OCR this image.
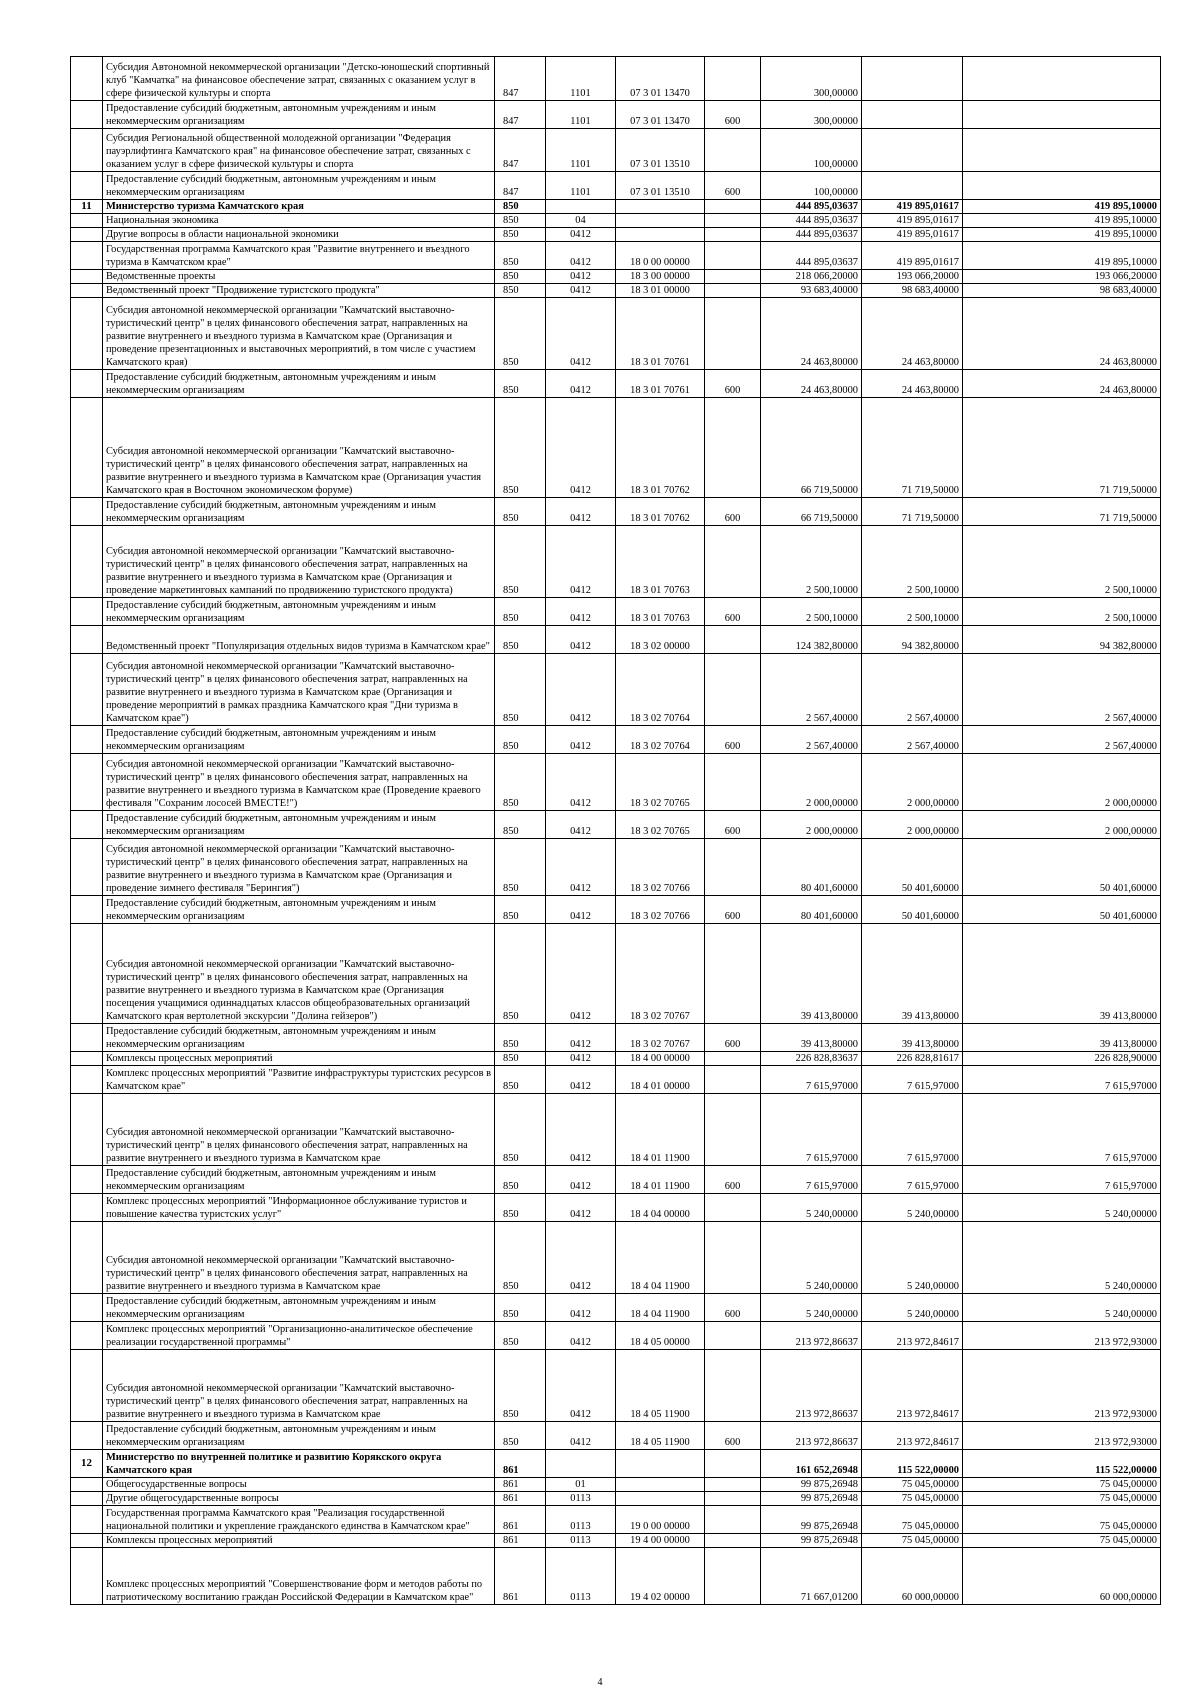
	Субсидия Автономной некоммерческой организации "Детско-юношеский спортивный клуб "Камчатка" на финансовое обеспечение затрат, связанных с оказанием услуг в сфере физической культуры и спорта	847	1101	07 3 01 13470		300,00000		
	Предоставление субсидий бюджетным, автономным учреждениям и иным некоммерческим организациям	847	1101	07 3 01 13470	600	300,00000		
	Субсидия Региональной общественной молодежной организации "Федерация пауэрлифтинга Камчатского края" на финансовое обеспечение затрат, связанных с оказанием услуг в сфере физической культуры и спорта	847	1101	07 3 01 13510		100,00000		
	Предоставление субсидий бюджетным, автономным учреждениям и иным некоммерческим организациям	847	1101	07 3 01 13510	600	100,00000		
11	Министерство туризма Камчатского края	850				444 895,03637	419 895,01617	419 895,10000
	Национальная экономика	850	04			444 895,03637	419 895,01617	419 895,10000
	Другие вопросы в области национальной экономики	850	0412			444 895,03637	419 895,01617	419 895,10000
	Государственная программа Камчатского края "Развитие внутреннего и въездного туризма в Камчатском крае"	850	0412	18 0 00 00000		444 895,03637	419 895,01617	419 895,10000
	Ведомственные проекты	850	0412	18 3 00 00000		218 066,20000	193 066,20000	193 066,20000
	Ведомственный проект "Продвижение туристского продукта"	850	0412	18 3 01 00000		93 683,40000	98 683,40000	98 683,40000
	Субсидия автономной некоммерческой организации "Камчатский выставочно-туристический центр" в целях финансового обеспечения затрат, направленных на развитие внутреннего и въездного туризма в Камчатском крае (Организация и проведение презентационных и выставочных мероприятий, в том числе с участием Камчатского края)	850	0412	18 3 01 70761		24 463,80000	24 463,80000	24 463,80000
	Предоставление субсидий бюджетным, автономным учреждениям и иным некоммерческим организациям	850	0412	18 3 01 70761	600	24 463,80000	24 463,80000	24 463,80000
	Субсидия автономной некоммерческой организации "Камчатский выставочно-туристический центр" в целях финансового обеспечения затрат, направленных на развитие внутреннего и въездного туризма в Камчатском крае (Организация участия Камчатского края в Восточном экономическом форуме)	850	0412	18 3 01 70762		66 719,50000	71 719,50000	71 719,50000
	Предоставление субсидий бюджетным, автономным учреждениям и иным некоммерческим организациям	850	0412	18 3 01 70762	600	66 719,50000	71 719,50000	71 719,50000
	Субсидия автономной некоммерческой организации "Камчатский выставочно-туристический центр" в целях финансового обеспечения затрат, направленных на развитие внутреннего и въездного туризма в Камчатском крае (Организация и проведение маркетинговых кампаний по продвижению туристского продукта)	850	0412	18 3 01 70763		2 500,10000	2 500,10000	2 500,10000
	Предоставление субсидий бюджетным, автономным учреждениям и иным некоммерческим организациям	850	0412	18 3 01 70763	600	2 500,10000	2 500,10000	2 500,10000
	Ведомственный проект "Популяризация отдельных видов туризма в Камчатском крае"	850	0412	18 3 02 00000		124 382,80000	94 382,80000	94 382,80000
	Субсидия автономной некоммерческой организации "Камчатский выставочно-туристический центр" в целях финансового обеспечения затрат, направленных на развитие внутреннего и въездного туризма в Камчатском крае (Организация и проведение мероприятий в рамках праздника Камчатского края "Дни туризма в Камчатском крае")	850	0412	18 3 02 70764		2 567,40000	2 567,40000	2 567,40000
	Предоставление субсидий бюджетным, автономным учреждениям и иным некоммерческим организациям	850	0412	18 3 02 70764	600	2 567,40000	2 567,40000	2 567,40000
	Субсидия автономной некоммерческой организации "Камчатский выставочно-туристический центр" в целях финансового обеспечения затрат, направленных на развитие внутреннего и въездного туризма в Камчатском крае (Проведение краевого фестиваля "Сохраним лососей ВМЕСТЕ!")	850	0412	18 3 02 70765		2 000,00000	2 000,00000	2 000,00000
	Предоставление субсидий бюджетным, автономным учреждениям и иным некоммерческим организациям	850	0412	18 3 02 70765	600	2 000,00000	2 000,00000	2 000,00000
	Субсидия автономной некоммерческой организации "Камчатский выставочно-туристический центр" в целях финансового обеспечения затрат, направленных на развитие внутреннего и въездного туризма в Камчатском крае (Организация и проведение зимнего фестиваля "Берингия")	850	0412	18 3 02 70766		80 401,60000	50 401,60000	50 401,60000
	Предоставление субсидий бюджетным, автономным учреждениям и иным некоммерческим организациям	850	0412	18 3 02 70766	600	80 401,60000	50 401,60000	50 401,60000
	Субсидия автономной некоммерческой организации "Камчатский выставочно-туристический центр" в целях финансового обеспечения затрат, направленных на развитие внутреннего и въездного туризма в Камчатском крае (Организация посещения учащимися одиннадцатых классов общеобразовательных организаций Камчатского края вертолетной экскурсии "Долина гейзеров")	850	0412	18 3 02 70767		39 413,80000	39 413,80000	39 413,80000
	Предоставление субсидий бюджетным, автономным учреждениям и иным некоммерческим организациям	850	0412	18 3 02 70767	600	39 413,80000	39 413,80000	39 413,80000
	Комплексы процессных мероприятий	850	0412	18 4 00 00000		226 828,83637	226 828,81617	226 828,90000
	Комплекс процессных мероприятий "Развитие инфраструктуры туристских ресурсов в Камчатском крае"	850	0412	18 4 01 00000		7 615,97000	7 615,97000	7 615,97000
	Субсидия автономной некоммерческой организации "Камчатский выставочно-туристический центр" в целях финансового обеспечения затрат, направленных на развитие внутреннего и въездного туризма в Камчатском крае	850	0412	18 4 01 11900		7 615,97000	7 615,97000	7 615,97000
	Предоставление субсидий бюджетным, автономным учреждениям и иным некоммерческим организациям	850	0412	18 4 01 11900	600	7 615,97000	7 615,97000	7 615,97000
	Комплекс процессных мероприятий "Информационное обслуживание туристов и повышение качества туристских услуг"	850	0412	18 4 04 00000		5 240,00000	5 240,00000	5 240,00000
	Субсидия автономной некоммерческой организации "Камчатский выставочно-туристический центр" в целях финансового обеспечения затрат, направленных на развитие внутреннего и въездного туризма в Камчатском крае	850	0412	18 4 04 11900		5 240,00000	5 240,00000	5 240,00000
	Предоставление субсидий бюджетным, автономным учреждениям и иным некоммерческим организациям	850	0412	18 4 04 11900	600	5 240,00000	5 240,00000	5 240,00000
	Комплекс процессных мероприятий "Организационно-аналитическое обеспечение реализации государственной программы"	850	0412	18 4 05 00000		213 972,86637	213 972,84617	213 972,93000
	Субсидия автономной некоммерческой организации "Камчатский выставочно-туристический центр" в целях финансового обеспечения затрат, направленных на развитие внутреннего и въездного туризма в Камчатском крае	850	0412	18 4 05 11900		213 972,86637	213 972,84617	213 972,93000
	Предоставление субсидий бюджетным, автономным учреждениям и иным некоммерческим организациям	850	0412	18 4 05 11900	600	213 972,86637	213 972,84617	213 972,93000
12	Министерство по внутренней политике и развитию Корякского округа Камчатского края	861				161 652,26948	115 522,00000	115 522,00000
	Общегосударственные вопросы	861	01			99 875,26948	75 045,00000	75 045,00000
	Другие общегосударственные вопросы	861	0113			99 875,26948	75 045,00000	75 045,00000
	Государственная программа Камчатского края "Реализация государственной национальной политики и укрепление гражданского единства в Камчатском крае"	861	0113	19 0 00 00000		99 875,26948	75 045,00000	75 045,00000
	Комплексы процессных мероприятий	861	0113	19 4 00 00000		99 875,26948	75 045,00000	75 045,00000
	Комплекс процессных мероприятий "Совершенствование форм и методов работы по патриотическому воспитанию граждан Российской Федерации в Камчатском крае"	861	0113	19 4 02 00000		71 667,01200	60 000,00000	60 000,00000
4
